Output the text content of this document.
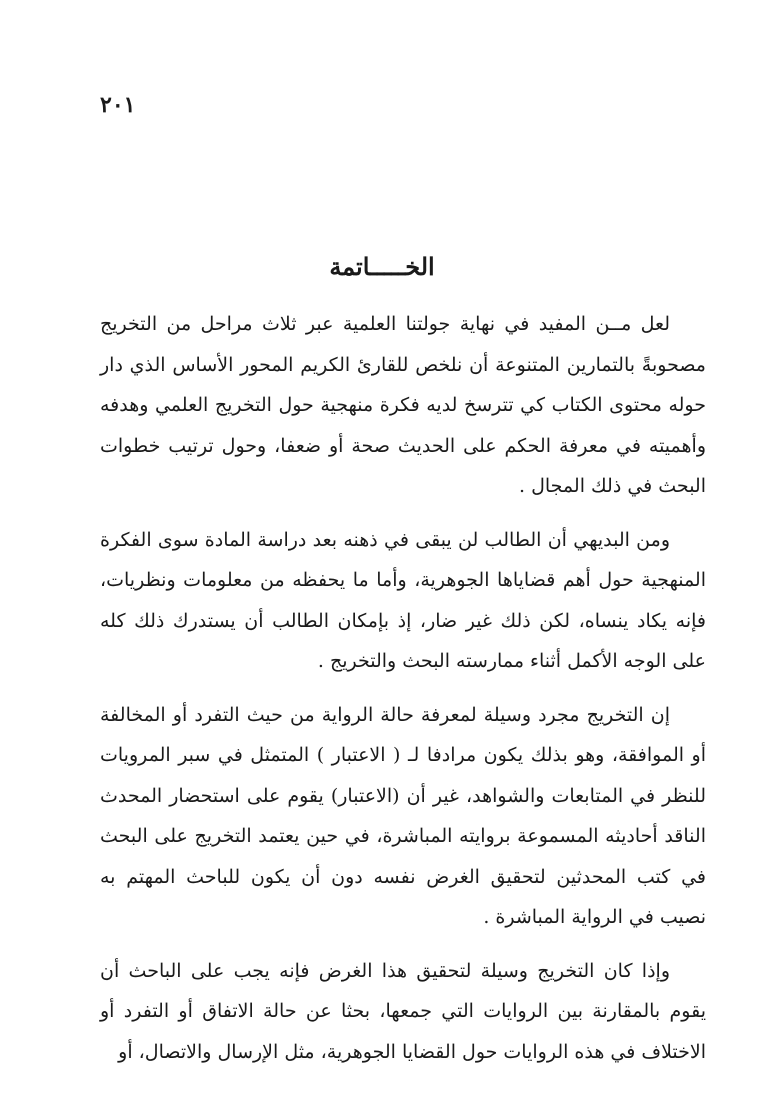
٢٠١
الخـــــاتمة

لعل مــن المفيد في نهاية جولتنا العلمية عبر ثلاث مراحل من التخريج مصحوبةً بالتمارين المتنوعة أن نلخص للقارئ الكريم المحور الأساس الذي دار حوله محتوى الكتاب كي تترسخ لديه فكرة منهجية حول التخريج العلمي وهدفه وأهميته في معرفة الحكم على الحديث صحة أو ضعفا، وحول ترتيب خطوات البحث في ذلك المجال .

ومن البديهي أن الطالب لن يبقى في ذهنه بعد دراسة المادة سوى الفكرة المنهجية حول أهم قضاياها الجوهرية، وأما ما يحفظه من معلومات ونظريات، فإنه يكاد ينساه، لكن ذلك غير ضار، إذ بإمكان الطالب أن يستدرك ذلك كله على الوجه الأكمل أثناء ممارسته البحث والتخريج .

إن التخريج مجرد وسيلة لمعرفة حالة الرواية من حيث التفرد أو المخالفة أو الموافقة، وهو بذلك يكون مرادفا لـ ( الاعتبار ) المتمثل في سبر المرويات للنظر في المتابعات والشواهد، غير أن (الاعتبار) يقوم على استحضار المحدث الناقد أحاديثه المسموعة بروايته المباشرة، في حين يعتمد التخريج على البحث في كتب المحدثين لتحقيق الغرض نفسه دون أن يكون للباحث المهتم به نصيب في الرواية المباشرة .

وإذا كان التخريج وسيلة لتحقيق هذا الغرض فإنه يجب على الباحث أن يقوم بالمقارنة بين الروايات التي جمعها، بحثا عن حالة الاتفاق أو التفرد أو الاختلاف في هذه الروايات حول القضايا الجوهرية، مثل الإرسال والاتصال، أو
